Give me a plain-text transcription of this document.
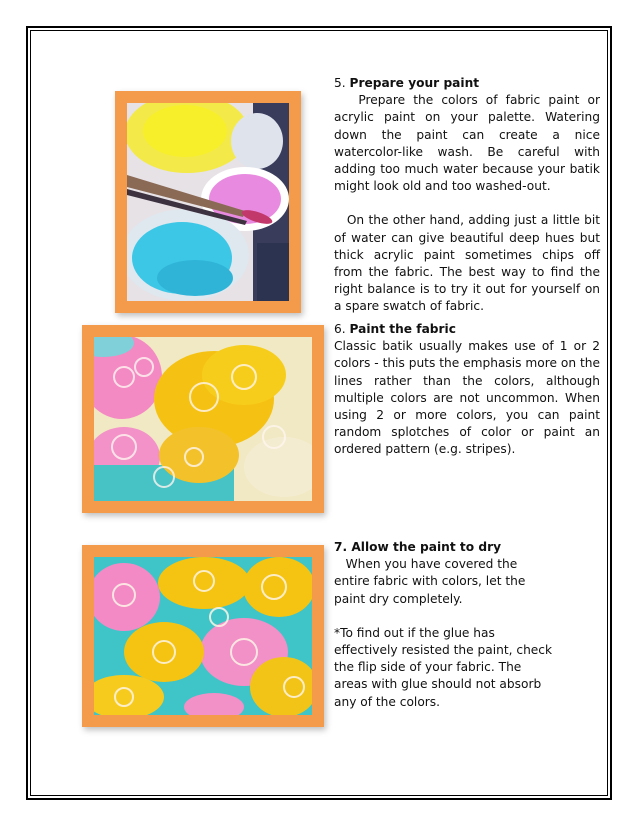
5. Prepare your paint

Prepare the colors of fabric paint or acrylic paint on your palette. Watering down the paint can create a nice watercolor-like wash. Be careful with adding too much water because your batik might look old and too washed-out.

On the other hand, adding just a little bit of water can give beautiful deep hues but thick acrylic paint sometimes chips off from the fabric. The best way to find the right balance is to try it out for yourself on a spare swatch of fabric.

6. Paint the fabric

Classic batik usually makes use of 1 or 2 colors - this puts the emphasis more on the lines rather than the colors, although multiple colors are not uncommon. When using 2 or more colors, you can paint random splotches of color or paint an ordered pattern (e.g. stripes).

7. Allow the paint to dry

When you have covered the entire fabric with colors, let the paint dry completely.

*To find out if the glue has effectively resisted the paint, check the flip side of your fabric. The areas with glue should not absorb any of the colors.
